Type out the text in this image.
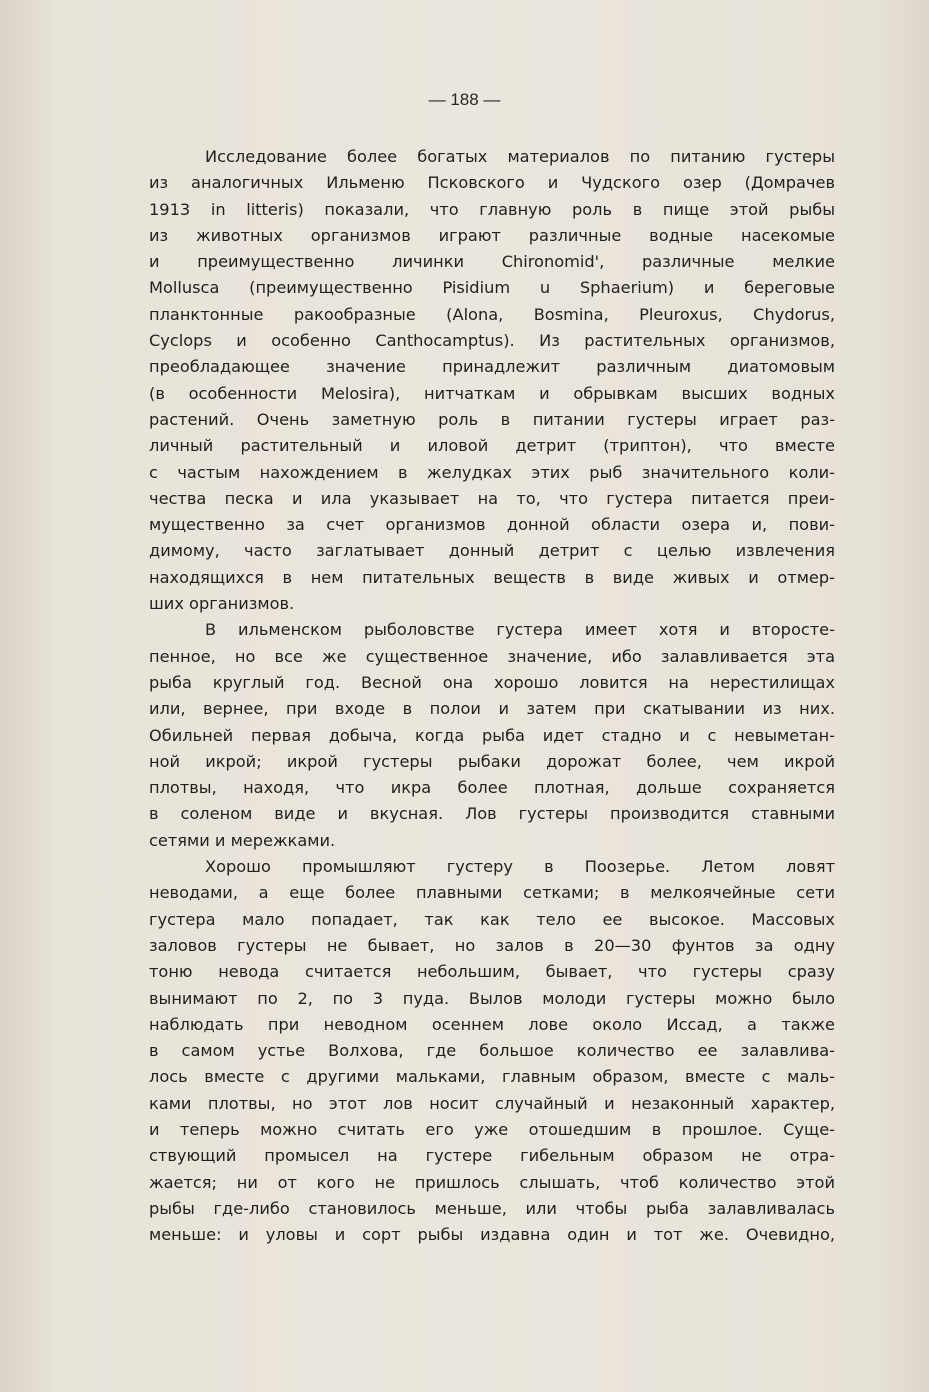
— 188 —
Исследование более богатых материалов по питанию густеры
из аналогичных Ильменю Псковского и Чудского озер (Домрачев
1913 in litteris) показали, что главную роль в пище этой рыбы
из животных организмов играют различные водные насекомые
и преимущественно личинки Chironomid', различные мелкие
Mollusca (преимущественно Pisidium u Sphaerium) и береговые
планктонные ракообразные (Alona, Bosmina, Pleuroxus, Chydorus,
Cyclops и особенно Canthocamptus). Из растительных организмов,
преобладающее значение принадлежит различным диатомовым
(в особенности Melosira), нитчаткам и обрывкам высших водных
растений. Очень заметную роль в питании густеры играет раз-
личный растительный и иловой детрит (триптон), что вместе
с частым нахождением в желудках этих рыб значительного коли-
чества песка и ила указывает на то, что густера питается преи-
мущественно за счет организмов донной области озера и, пови-
димому, часто заглатывает донный детрит с целью извлечения
находящихся в нем питательных веществ в виде живых и отмер-
ших организмов.
В ильменском рыболовстве густера имеет хотя и второсте-
пенное, но все же существенное значение, ибо залавливается эта
рыба круглый год. Весной она хорошо ловится на нерестилищах
или, вернее, при входе в полои и затем при скатывании из них.
Обильней первая добыча, когда рыба идет стадно и с невыметан-
ной икрой; икрой густеры рыбаки дорожат более, чем икрой
плотвы, находя, что икра более плотная, дольше сохраняется
в соленом виде и вкусная. Лов густеры производится ставными
сетями и мережками.
Хорошо промышляют густеру в Поозерье. Летом ловят
неводами, а еще более плавными сетками; в мелкоячейные сети
густера мало попадает, так как тело ее высокое. Массовых
заловов густеры не бывает, но залов в 20—30 фунтов за одну
тоню невода считается небольшим, бывает, что густеры сразу
вынимают по 2, по 3 пуда. Вылов молоди густеры можно было
наблюдать при неводном осеннем лове около Иссад, а также
в самом устье Волхова, где большое количество ее залавлива-
лось вместе с другими мальками, главным образом, вместе с маль-
ками плотвы, но этот лов носит случайный и незаконный характер,
и теперь можно считать его уже отошедшим в прошлое. Суще-
ствующий промысел на густере гибельным образом не отра-
жается; ни от кого не пришлось слышать, чтоб количество этой
рыбы где-либо становилось меньше, или чтобы рыба залавливалась
меньше: и уловы и сорт рыбы издавна один и тот же. Очевидно,
